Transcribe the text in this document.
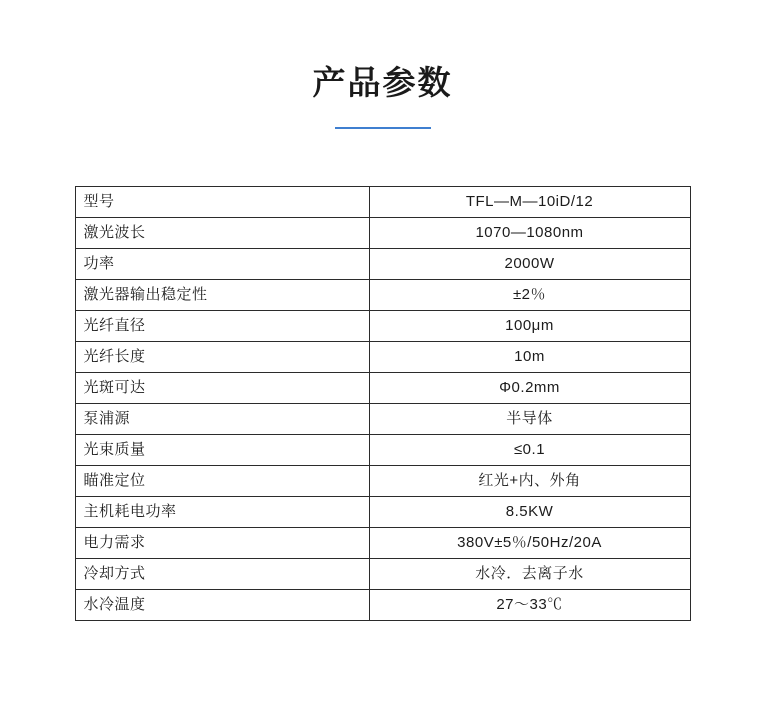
产品参数
型号	TFL—M—10iD/12
激光波长	1070—1080nm
功率	2000W
激光器输出稳定性	±2％
光纤直径	100μm
光纤长度	10m
光斑可达	Φ0.2mm
泵浦源	半导体
光束质量	≤0.1
瞄准定位	红光+内、外角
主机耗电功率	8.5KW
电力需求	380V±5％/50Hz/20A
冷却方式	水冷．去离子水
水冷温度	27～33℃
